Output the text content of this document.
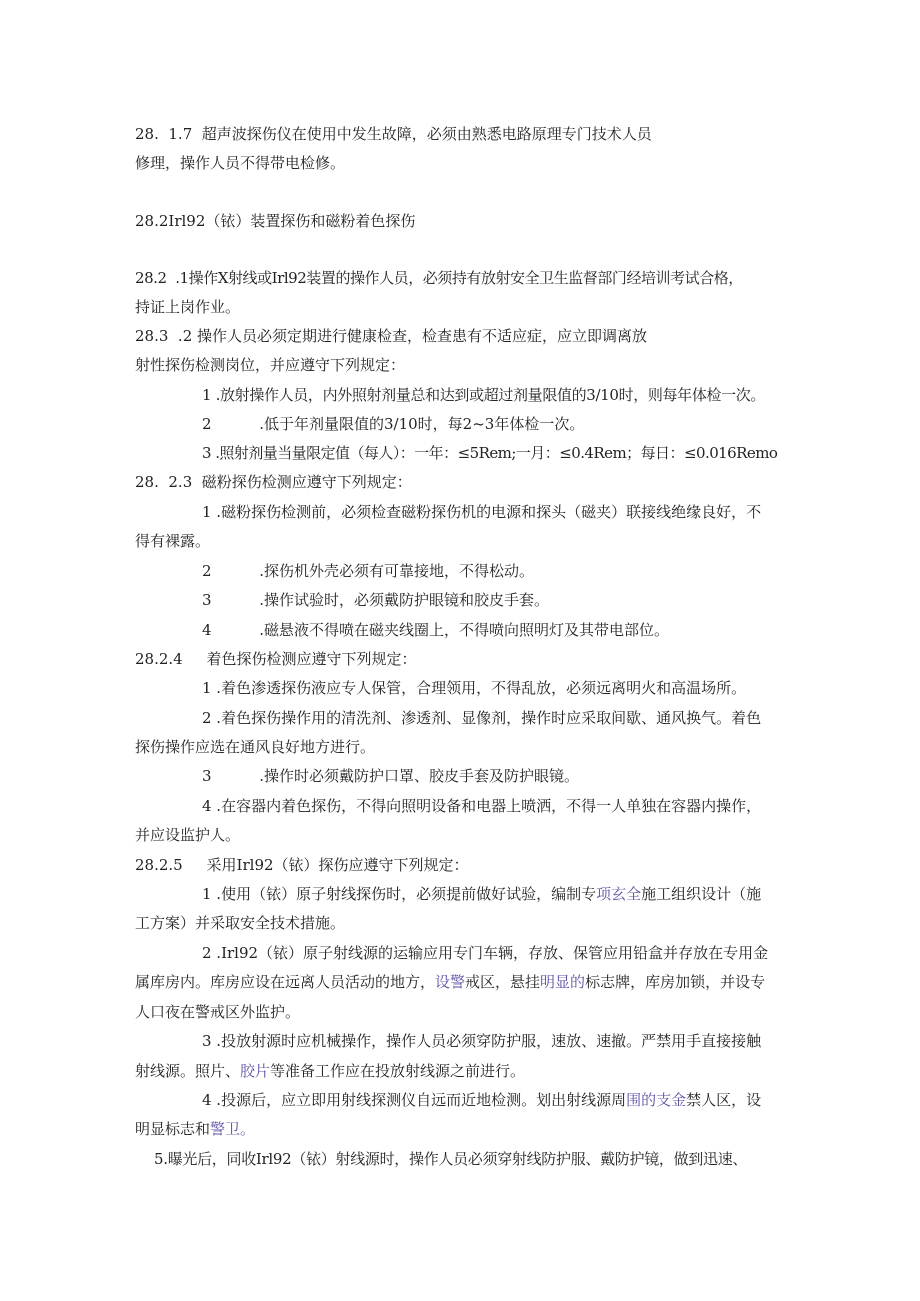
28.  1.7  超声波探伤仪在使用中发生故障，必须由熟悉电路原理专门技术人员
修理，操作人员不得带电检修。
28.2Irl92（铱）装置探伤和磁粉着色探伤
28.2  .1操作X射线或Irl92装置的操作人员，必须持有放射安全卫生监督部门经培训考试合格，
持证上岗作业。
28.3  .2 操作人员必须定期进行健康检查，检查患有不适应症，应立即调离放
射性探伤检测岗位，并应遵守下列规定：
1 .放射操作人员，内外照射剂量总和达到或超过剂量限值的3/10时，则每年体检一次。
2          .低于年剂量限值的3/10时，每2~3年体检一次。
3 .照射剂量当量限定值（每人）：一年：≤5Rem;一月：≤0.4Rem；每日：≤0.016Remo
28.  2.3  磁粉探伤检测应遵守下列规定：
1 .磁粉探伤检测前，必须检查磁粉探伤机的电源和探头（磁夹）联接线绝缘良好，不
得有裸露。
2          .探伤机外壳必须有可靠接地，不得松动。
3          .操作试验时，必须戴防护眼镜和胶皮手套。
4          .磁悬液不得喷在磁夹线圈上，不得喷向照明灯及其带电部位。
28.2.4     着色探伤检测应遵守下列规定：
1 .着色渗透探伤液应专人保管，合理领用，不得乱放，必须远离明火和高温场所。
2 .着色探伤操作用的清洗剂、渗透剂、显像剂，操作时应采取间歇、通风换气。着色
探伤操作应选在通风良好地方进行。
3          .操作时必须戴防护口罩、胶皮手套及防护眼镜。
4 .在容器内着色探伤，不得向照明设备和电器上喷洒，不得一人单独在容器内操作，
并应设监护人。
28.2.5     采用Irl92（铱）探伤应遵守下列规定：
1 .使用（铱）原子射线探伤时，必须提前做好试验，编制专项玄全施工组织设计（施
工方案）并采取安全技术措施。
2 .Irl92（铱）原子射线源的运输应用专门车辆，存放、保管应用铅盒并存放在专用金
属库房内。库房应设在远离人员活动的地方，设警戒区，悬挂明显的标志牌，库房加锁，并设专
人口夜在警戒区外监护。
3 .投放射源时应机械操作，操作人员必须穿防护服，速放、速撤。严禁用手直接接触
射线源。照片、胶片等准备工作应在投放射线源之前进行。
4 .投源后，应立即用射线探测仪自远而近地检测。划出射线源周围的支金禁人区，设
明显标志和警卫。
5.曝光后，同收Irl92（铱）射线源时，操作人员必须穿射线防护服、戴防护镜，做到迅速、
